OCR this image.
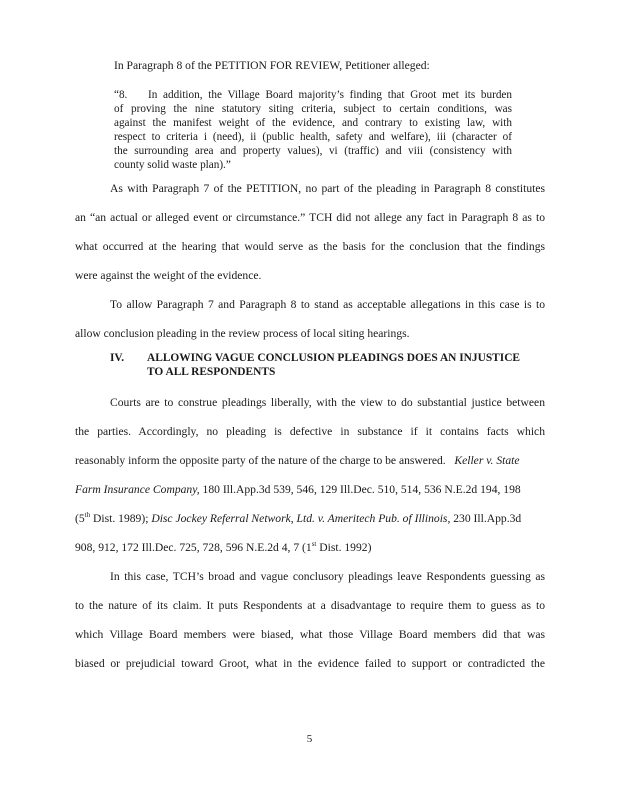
In Paragraph 8 of the PETITION FOR REVIEW, Petitioner alleged:
“8. In addition, the Village Board majority’s finding that Groot met its burden
of proving the nine statutory siting criteria, subject to certain conditions, was
against the manifest weight of the evidence, and contrary to existing law, with
respect to criteria i (need), ii (public health, safety and welfare), iii (character of
the surrounding area and property values), vi (traffic) and viii (consistency with
county solid waste plan).”
As with Paragraph 7 of the PETITION, no part of the pleading in Paragraph 8 constitutes
an “an actual or alleged event or circumstance.” TCH did not allege any fact in Paragraph 8 as to
what occurred at the hearing that would serve as the basis for the conclusion that the findings
were against the weight of the evidence.
To allow Paragraph 7 and Paragraph 8 to stand as acceptable allegations in this case is to
allow conclusion pleading in the review process of local siting hearings.
IV. ALLOWING VAGUE CONCLUSION PLEADINGS DOES AN INJUSTICE
TO ALL RESPONDENTS
Courts are to construe pleadings liberally, with the view to do substantial justice between
the parties. Accordingly, no pleading is defective in substance if it contains facts which
reasonably inform the opposite party of the nature of the charge to be answered. Keller v. State
Farm Insurance Company, 180 Ill.App.3d 539, 546, 129 Ill.Dec. 510, 514, 536 N.E.2d 194, 198
(5th Dist. 1989); Disc Jockey Referral Network, Ltd. v. Ameritech Pub. of Illinois, 230 Ill.App.3d
908, 912, 172 Ill.Dec. 725, 728, 596 N.E.2d 4, 7 (1st Dist. 1992)
In this case, TCH’s broad and vague conclusory pleadings leave Respondents guessing as
to the nature of its claim. It puts Respondents at a disadvantage to require them to guess as to
which Village Board members were biased, what those Village Board members did that was
biased or prejudicial toward Groot, what in the evidence failed to support or contradicted the
5
